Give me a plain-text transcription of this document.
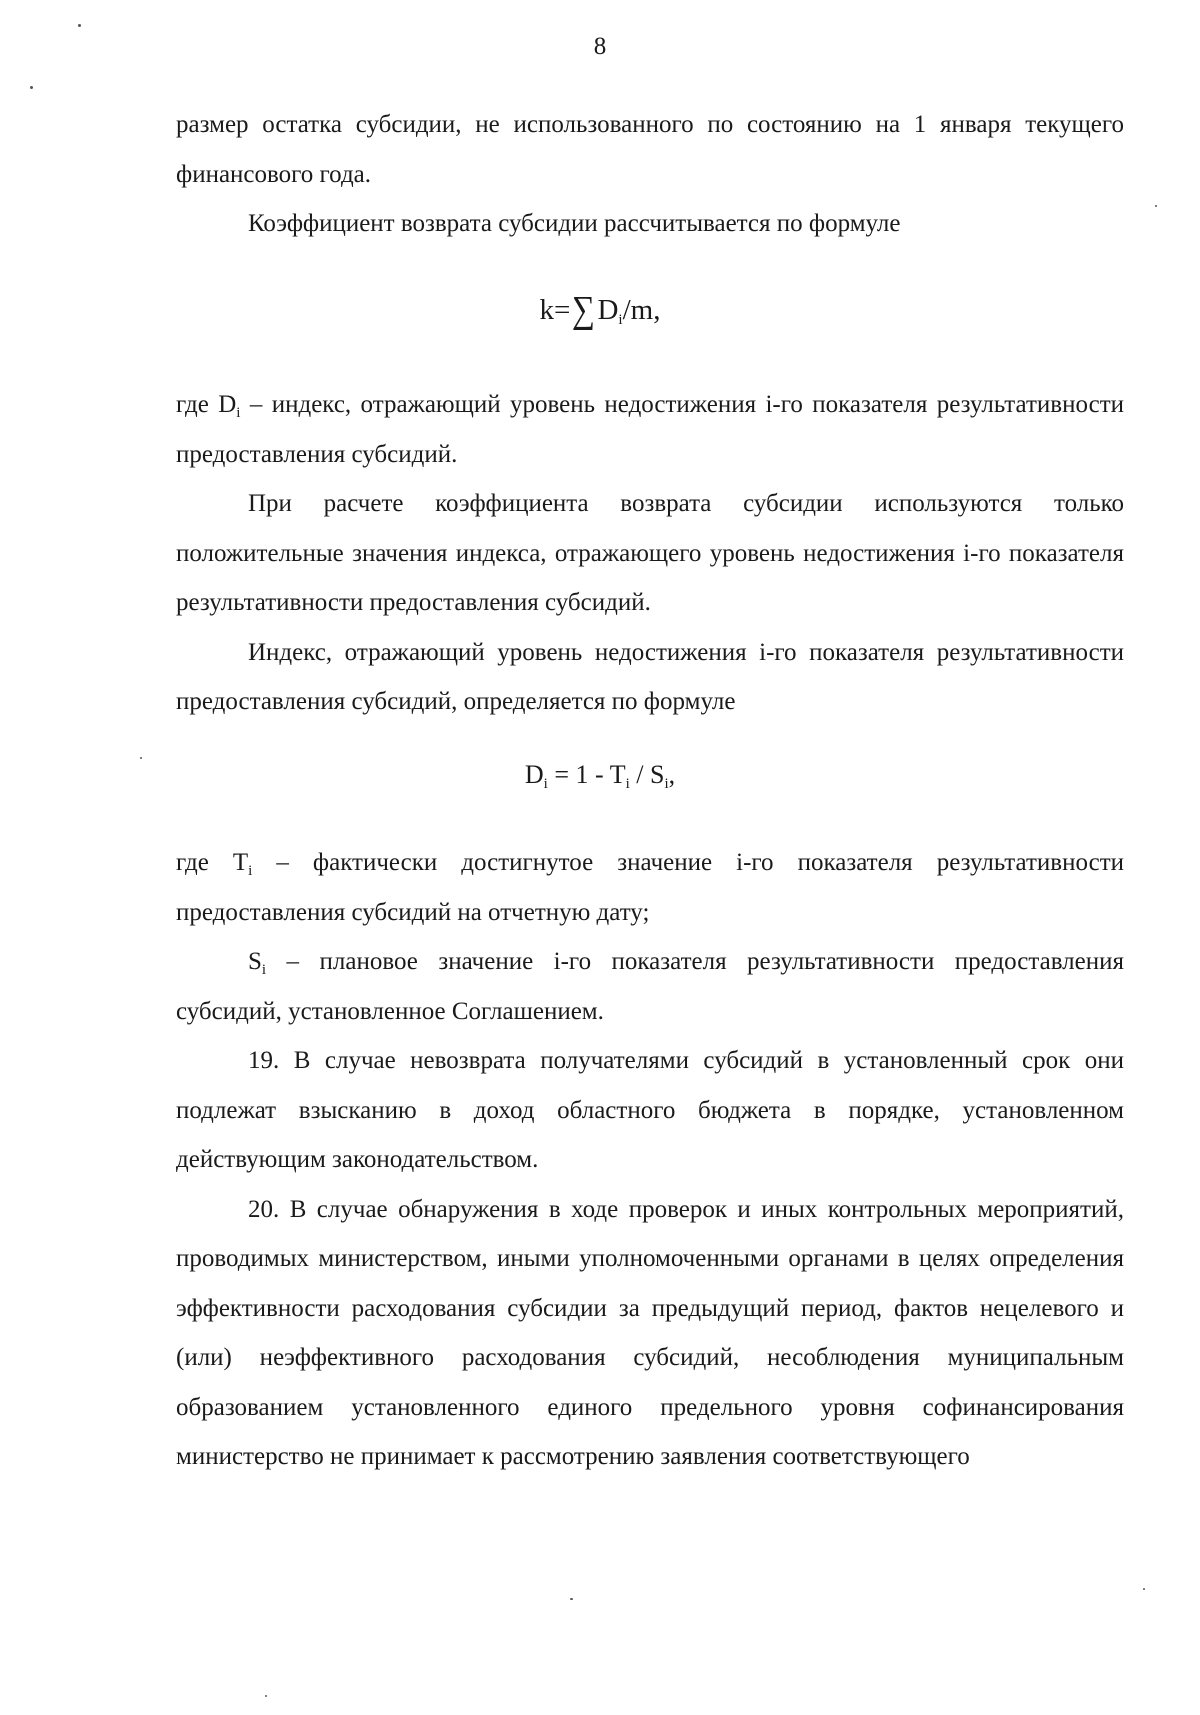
8

размер остатка субсидии, не использованного по состоянию на 1 января текущего финансового года.

Коэффициент возврата субсидии рассчитывается по формуле

$k=\sum D_i/m$,

где $D_i$ – индекс, отражающий уровень недостижения i-го показателя результативности предоставления субсидий.

При расчете коэффициента возврата субсидии используются только положительные значения индекса, отражающего уровень недостижения i-го показателя результативности предоставления субсидий.

Индекс, отражающий уровень недостижения i-го показателя результативности предоставления субсидий, определяется по формуле

$D_i = 1 - T_i / S_i$,

где $T_i$ – фактически достигнутое значение i-го показателя результативности предоставления субсидий на отчетную дату;

$S_i$ – плановое значение i-го показателя результативности предоставления субсидий, установленное Соглашением.

19. В случае невозврата получателями субсидий в установленный срок они подлежат взысканию в доход областного бюджета в порядке, установленном действующим законодательством.

20. В случае обнаружения в ходе проверок и иных контрольных мероприятий, проводимых министерством, иными уполномоченными органами в целях определения эффективности расходования субсидии за предыдущий период, фактов нецелевого и (или) неэффективного расходования субсидий, несоблюдения муниципальным образованием установленного единого предельного уровня софинансирования министерство не принимает к рассмотрению заявления соответствующего
